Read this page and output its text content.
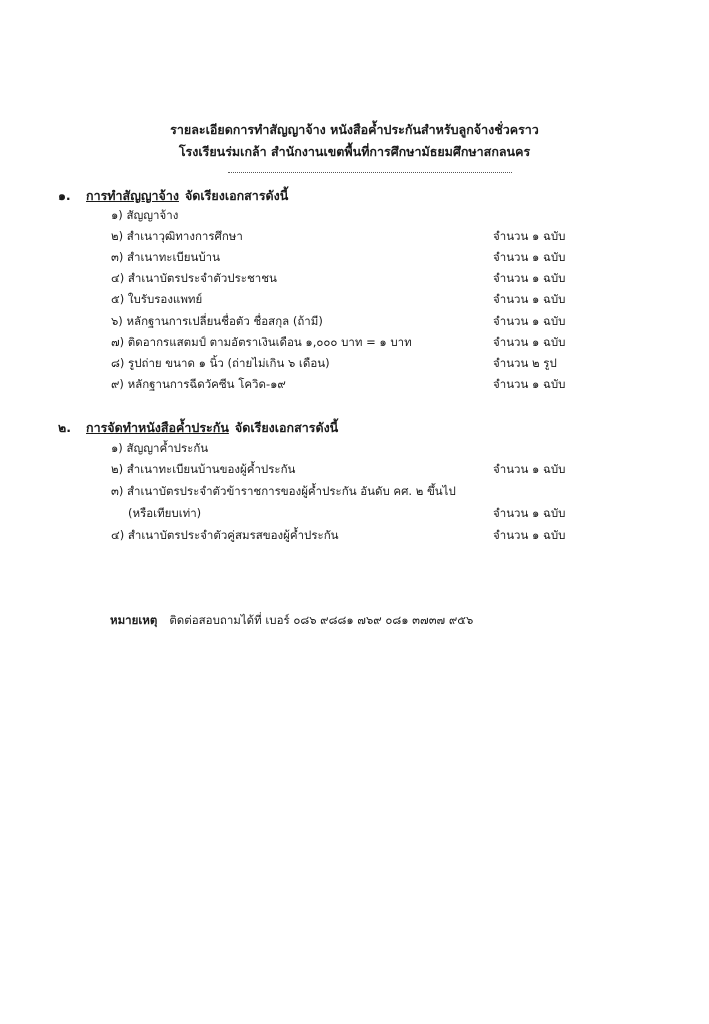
รายละเอียดการทำสัญญาจ้าง หนังสือค้ำประกันสำหรับลูกจ้างชั่วคราว
โรงเรียนร่มเกล้า สำนักงานเขตพื้นที่การศึกษามัธยมศึกษาสกลนคร
๑. การทำสัญญาจ้าง จัดเรียงเอกสารดังนี้
๑) สัญญาจ้าง
๒) สำเนาวุฒิทางการศึกษา	จำนวน ๑ ฉบับ
๓) สำเนาทะเบียนบ้าน	จำนวน ๑ ฉบับ
๔) สำเนาบัตรประจำตัวประชาชน	จำนวน ๑ ฉบับ
๕) ใบรับรองแพทย์	จำนวน ๑ ฉบับ
๖) หลักฐานการเปลี่ยนชื่อตัว ชื่อสกุล (ถ้ามี)	จำนวน ๑ ฉบับ
๗) ติดอากรแสตมป์ ตามอัตราเงินเดือน ๑,๐๐๐ บาท = ๑ บาท	จำนวน ๑ ฉบับ
๘) รูปถ่าย ขนาด ๑ นิ้ว (ถ่ายไม่เกิน ๖ เดือน)	จำนวน ๒ รูป
๙) หลักฐานการฉีดวัคซีน โควิด-๑๙	จำนวน ๑ ฉบับ
๒. การจัดทำหนังสือค้ำประกัน จัดเรียงเอกสารดังนี้
๑) สัญญาค้ำประกัน
๒) สำเนาทะเบียนบ้านของผู้ค้ำประกัน	จำนวน ๑ ฉบับ
๓) สำเนาบัตรประจำตัวข้าราชการของผู้ค้ำประกัน อันดับ คศ. ๒ ขึ้นไป
(หรือเทียบเท่า)	จำนวน ๑ ฉบับ
๔) สำเนาบัตรประจำตัวคู่สมรสของผู้ค้ำประกัน	จำนวน ๑ ฉบับ
หมายเหตุ ติดต่อสอบถามได้ที่ เบอร์ ๐๘๖ ๙๘๘๑ ๗๖๙ ๐๘๑ ๓๗๓๗ ๙๕๖
